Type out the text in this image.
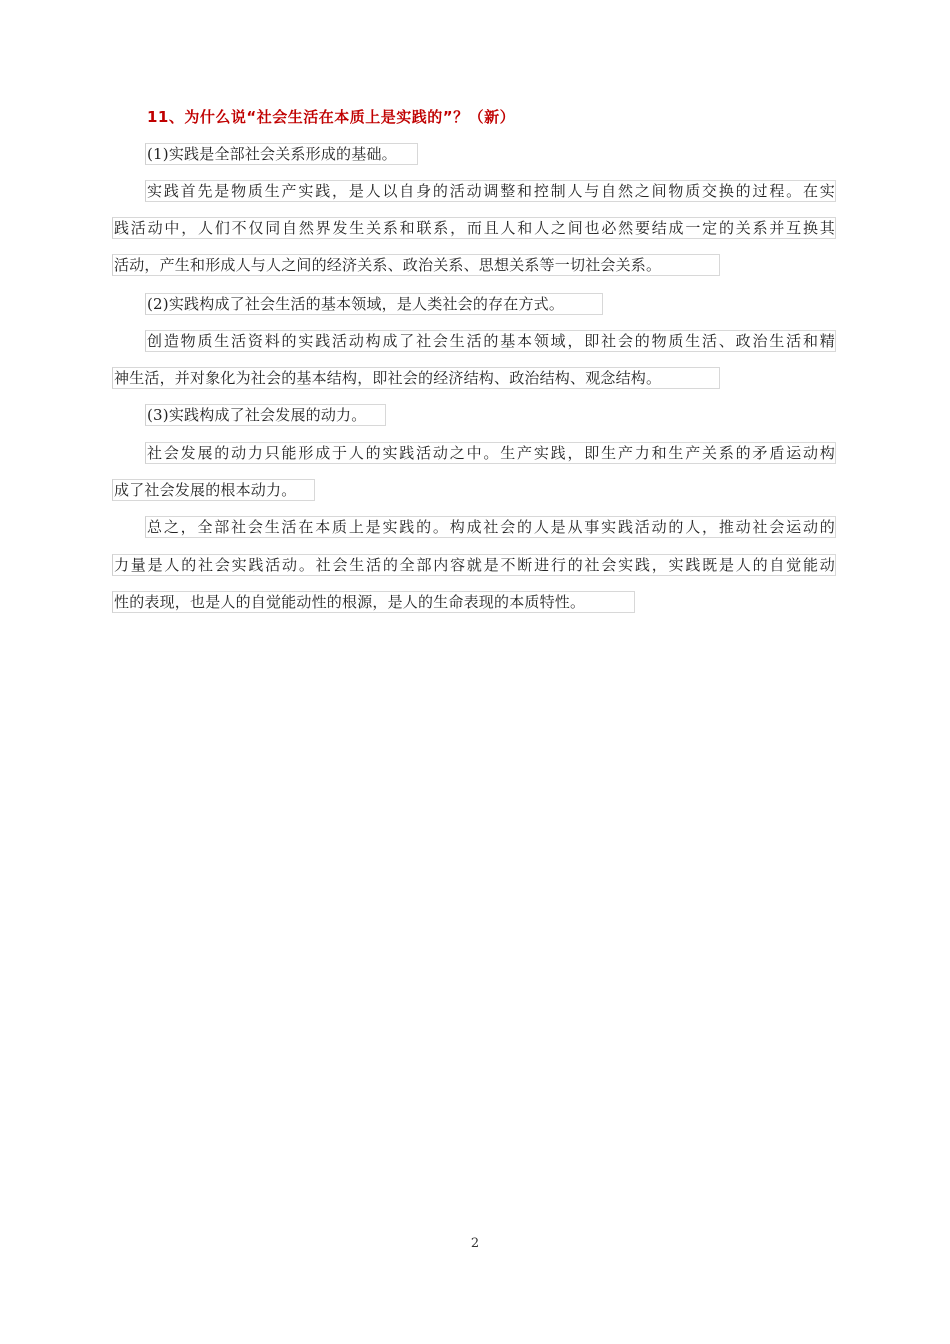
11、为什么说“社会生活在本质上是实践的”？（新）
(1)实践是全部社会关系形成的基础。
实践首先是物质生产实践，是人以自身的活动调整和控制人与自然之间物质交换的过程。在实
践活动中，人们不仅同自然界发生关系和联系，而且人和人之间也必然要结成一定的关系并互换其
活动，产生和形成人与人之间的经济关系、政治关系、思想关系等一切社会关系。
(2)实践构成了社会生活的基本领域，是人类社会的存在方式。
创造物质生活资料的实践活动构成了社会生活的基本领域，即社会的物质生活、政治生活和精
神生活，并对象化为社会的基本结构，即社会的经济结构、政治结构、观念结构。
(3)实践构成了社会发展的动力。
社会发展的动力只能形成于人的实践活动之中。生产实践，即生产力和生产关系的矛盾运动构
成了社会发展的根本动力。
总之，全部社会生活在本质上是实践的。构成社会的人是从事实践活动的人，推动社会运动的
力量是人的社会实践活动。社会生活的全部内容就是不断进行的社会实践，实践既是人的自觉能动
性的表现，也是人的自觉能动性的根源，是人的生命表现的本质特性。
2
